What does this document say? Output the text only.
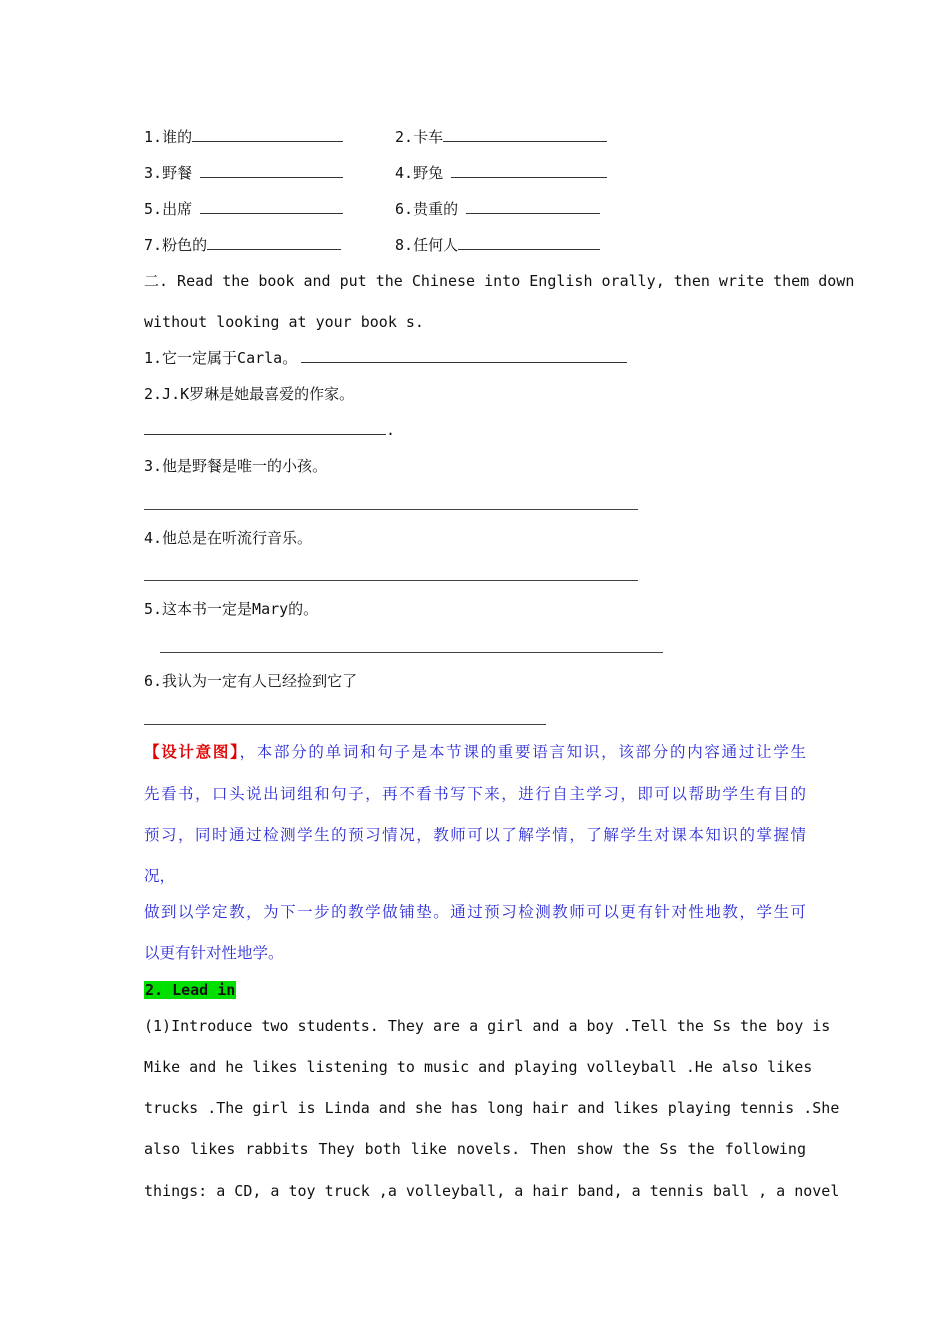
1.谁的	2.卡车
3.野餐	4.野兔
5.出席	6.贵重的
7.粉色的	8.任何人
二. Read the book and put the Chinese into English orally, then write them down
without looking at your book s.
1.它一定属于Carla。
2.J.K罗琳是她最喜爱的作家。
.
3.他是野餐是唯一的小孩。
4.他总是在听流行音乐。
5.这本书一定是Mary的。
6.我认为一定有人已经捡到它了
【设计意图】，本部分的单词和句子是本节课的重要语言知识，该部分的内容通过让学生
先看书，口头说出词组和句子，再不看书写下来，进行自主学习，即可以帮助学生有目的
预习，同时通过检测学生的预习情况，教师可以了解学情，了解学生对课本知识的掌握情
况，
做到以学定教，为下一步的教学做铺垫。通过预习检测教师可以更有针对性地教，学生可
以更有针对性地学。
2. Lead in
(1)Introduce two students. They are a girl and a boy .Tell the Ss the boy is
Mike and he likes listening to music and playing volleyball .He also likes
trucks .The girl is Linda and she has long hair and likes playing tennis .She
also likes rabbits They both like novels. Then show the Ss the following
things: a CD, a toy truck ,a volleyball, a hair band, a tennis ball , a novel
